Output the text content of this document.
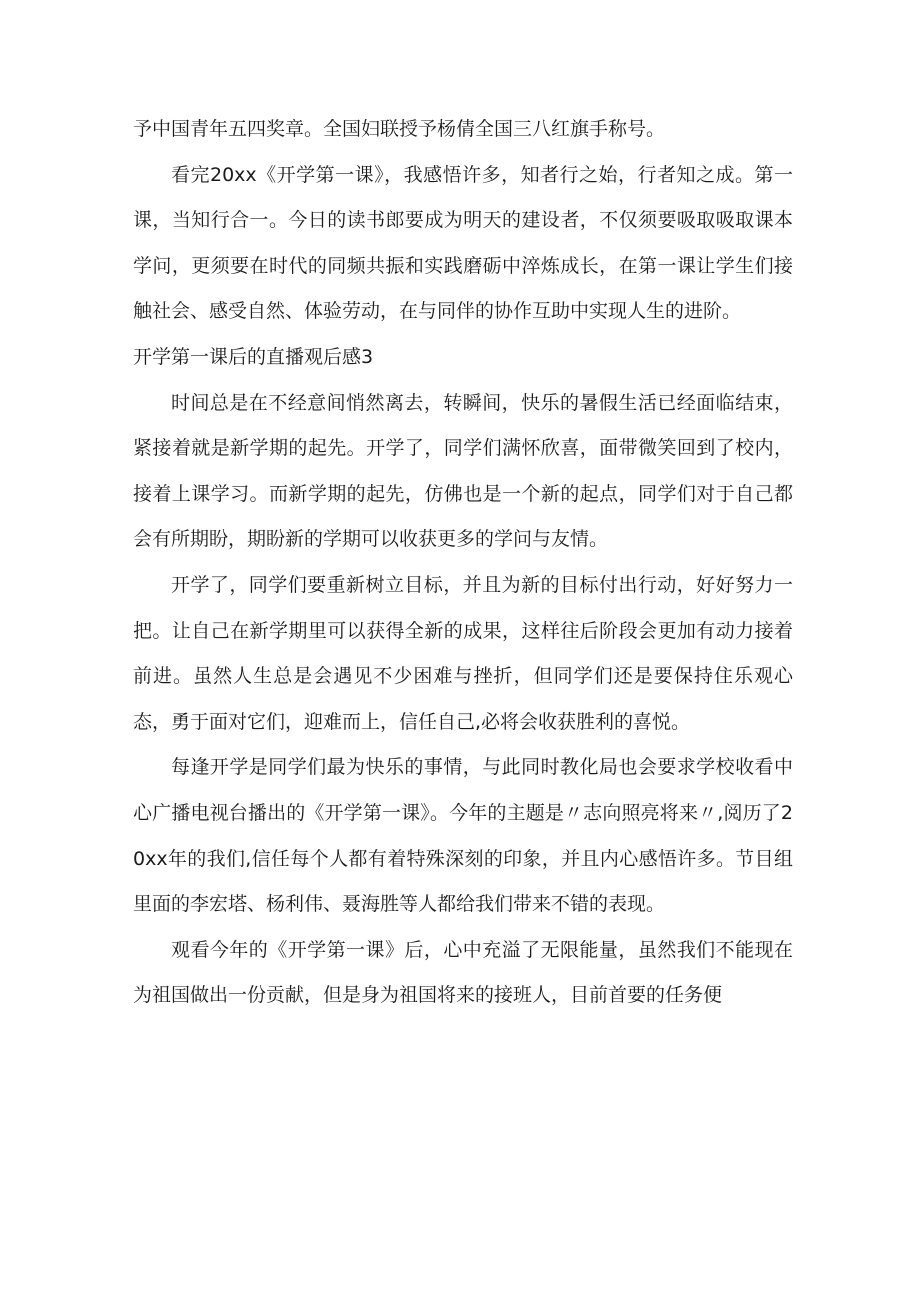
予中国青年五四奖章。全国妇联授予杨倩全国三八红旗手称号。

看完20xx《开学第一课》，我感悟许多，知者行之始，行者知之成。第一课，当知行合一。今日的读书郎要成为明天的建设者，不仅须要吸取吸取课本学问，更须要在时代的同频共振和实践磨砺中淬炼成长，在第一课让学生们接触社会、感受自然、体验劳动，在与同伴的协作互助中实现人生的进阶。

开学第一课后的直播观后感3

时间总是在不经意间悄然离去，转瞬间，快乐的暑假生活已经面临结束，紧接着就是新学期的起先。开学了，同学们满怀欣喜，面带微笑回到了校内，接着上课学习。而新学期的起先，仿佛也是一个新的起点，同学们对于自己都会有所期盼，期盼新的学期可以收获更多的学问与友情。

开学了，同学们要重新树立目标，并且为新的目标付出行动，好好努力一把。让自己在新学期里可以获得全新的成果，这样往后阶段会更加有动力接着前进。虽然人生总是会遇见不少困难与挫折，但同学们还是要保持住乐观心态，勇于面对它们，迎难而上，信任自己,必将会收获胜利的喜悦。

每逢开学是同学们最为快乐的事情，与此同时教化局也会要求学校收看中心广播电视台播出的《开学第一课》。今年的主题是〃志向照亮将来〃,阅历了20xx年的我们,信任每个人都有着特殊深刻的印象，并且内心感悟许多。节目组里面的李宏塔、杨利伟、聂海胜等人都给我们带来不错的表现。

观看今年的《开学第一课》后，心中充溢了无限能量，虽然我们不能现在为祖国做出一份贡献，但是身为祖国将来的接班人，目前首要的任务便
